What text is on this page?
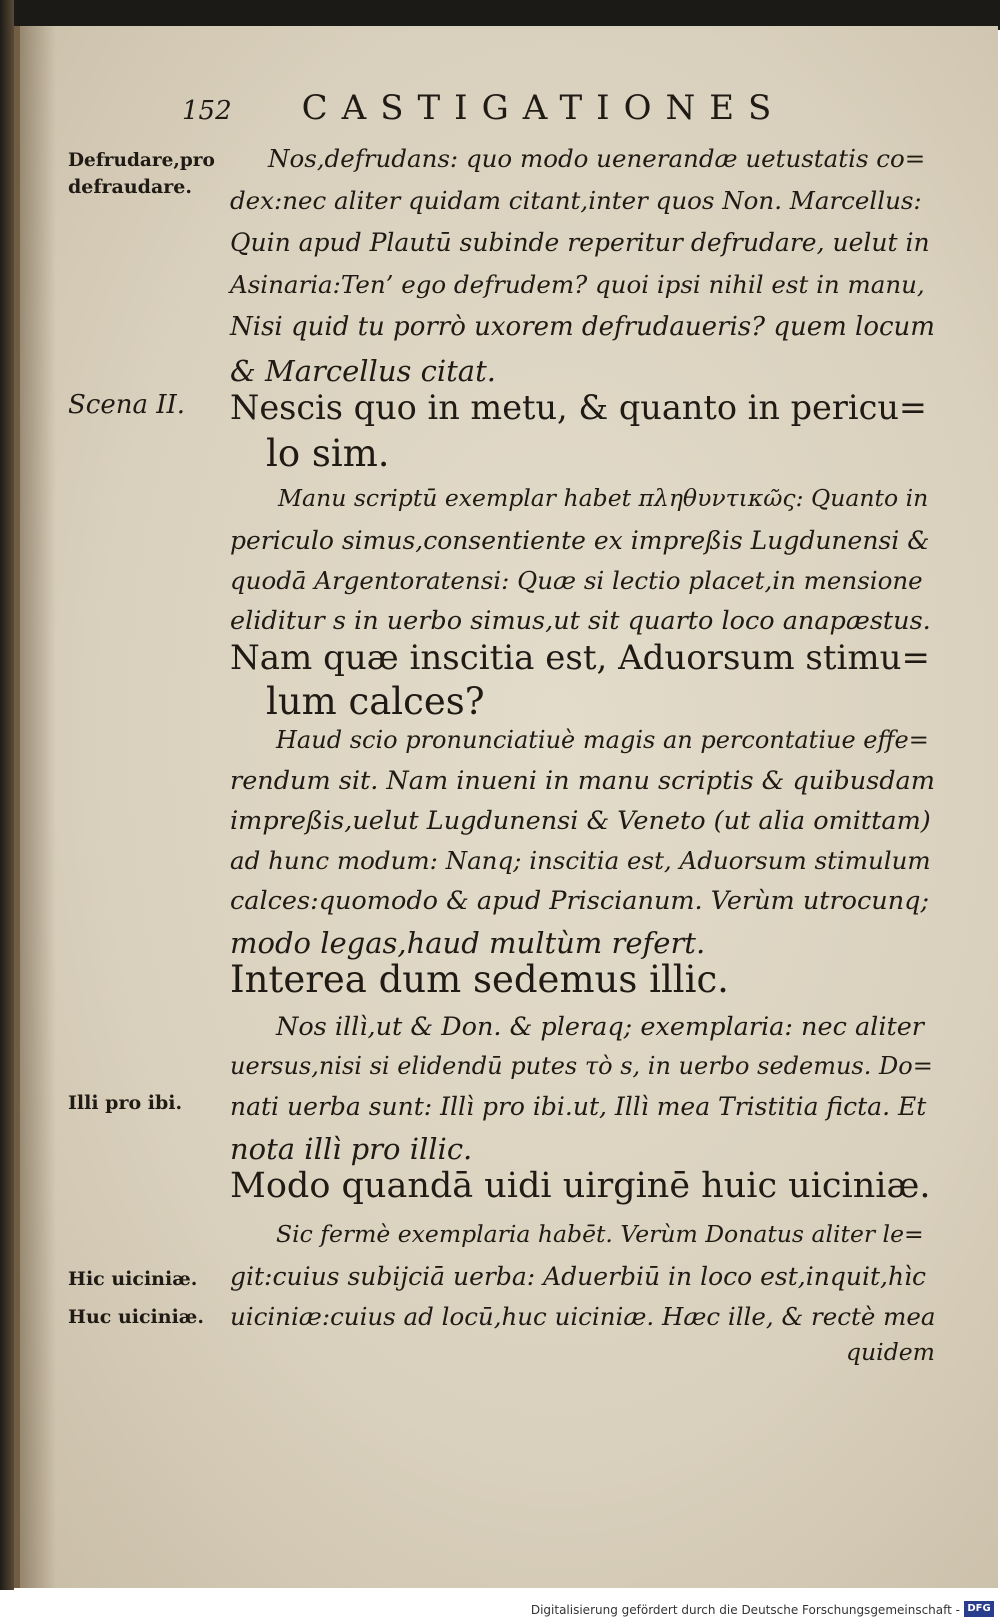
152 CASTIGATIONES
Defrudare,pro
defraudare.
Scena II.
Illi pro ibi.
Hic uiciniæ.
Huc uiciniæ.
Nos,defrudans: quo modo uenerandæ uetustatis co=
dex:nec aliter quidam citant,inter quos Non. Marcellus:
Quin apud Plautū subinde reperitur defrudare, uelut in
Asinaria:Ten’ ego defrudem? quoi ipsi nihil est in manu,
Nisi quid tu porrò uxorem defrudaueris? quem locum
& Marcellus citat.
Nescis quo in metu, & quanto in pericu=
lo sim.
Manu scriptū exemplar habet πληθυντικῶς: Quanto in
periculo simus,consentiente ex impreßis Lugdunensi &
quodā Argentoratensi: Quæ si lectio placet,in mensione
eliditur s in uerbo simus,ut sit quarto loco anapæstus.
Nam quæ inscitia est, Aduorsum stimu=
lum calces?
Haud scio pronunciatiuè magis an percontatiue effe=
rendum sit. Nam inueni in manu scriptis & quibusdam
impreßis,uelut Lugdunensi & Veneto (ut alia omittam)
ad hunc modum: Nanq; inscitia est, Aduorsum stimulum
calces:quomodo & apud Priscianum. Verùm utrocunq;
modo legas,haud multùm refert.
Interea dum sedemus illic.
Nos illì,ut & Don. & pleraq; exemplaria: nec aliter
uersus,nisi si elidendū putes τὸ s, in uerbo sedemus. Do=
nati uerba sunt: Illì pro ibi.ut, Illì mea Tristitia ficta. Et
nota illì pro illic.
Modo quandā uidi uirginē huic uiciniæ.
Sic fermè exemplaria habēt. Verùm Donatus aliter le=
git:cuius subijciā uerba: Aduerbiū in loco est,inquit,hìc
uiciniæ:cuius ad locū,huc uiciniæ. Hæc ille, & rectè mea
quidem
Digitalisierung gefördert durch die Deutsche Forschungsgemeinschaft - DFG
